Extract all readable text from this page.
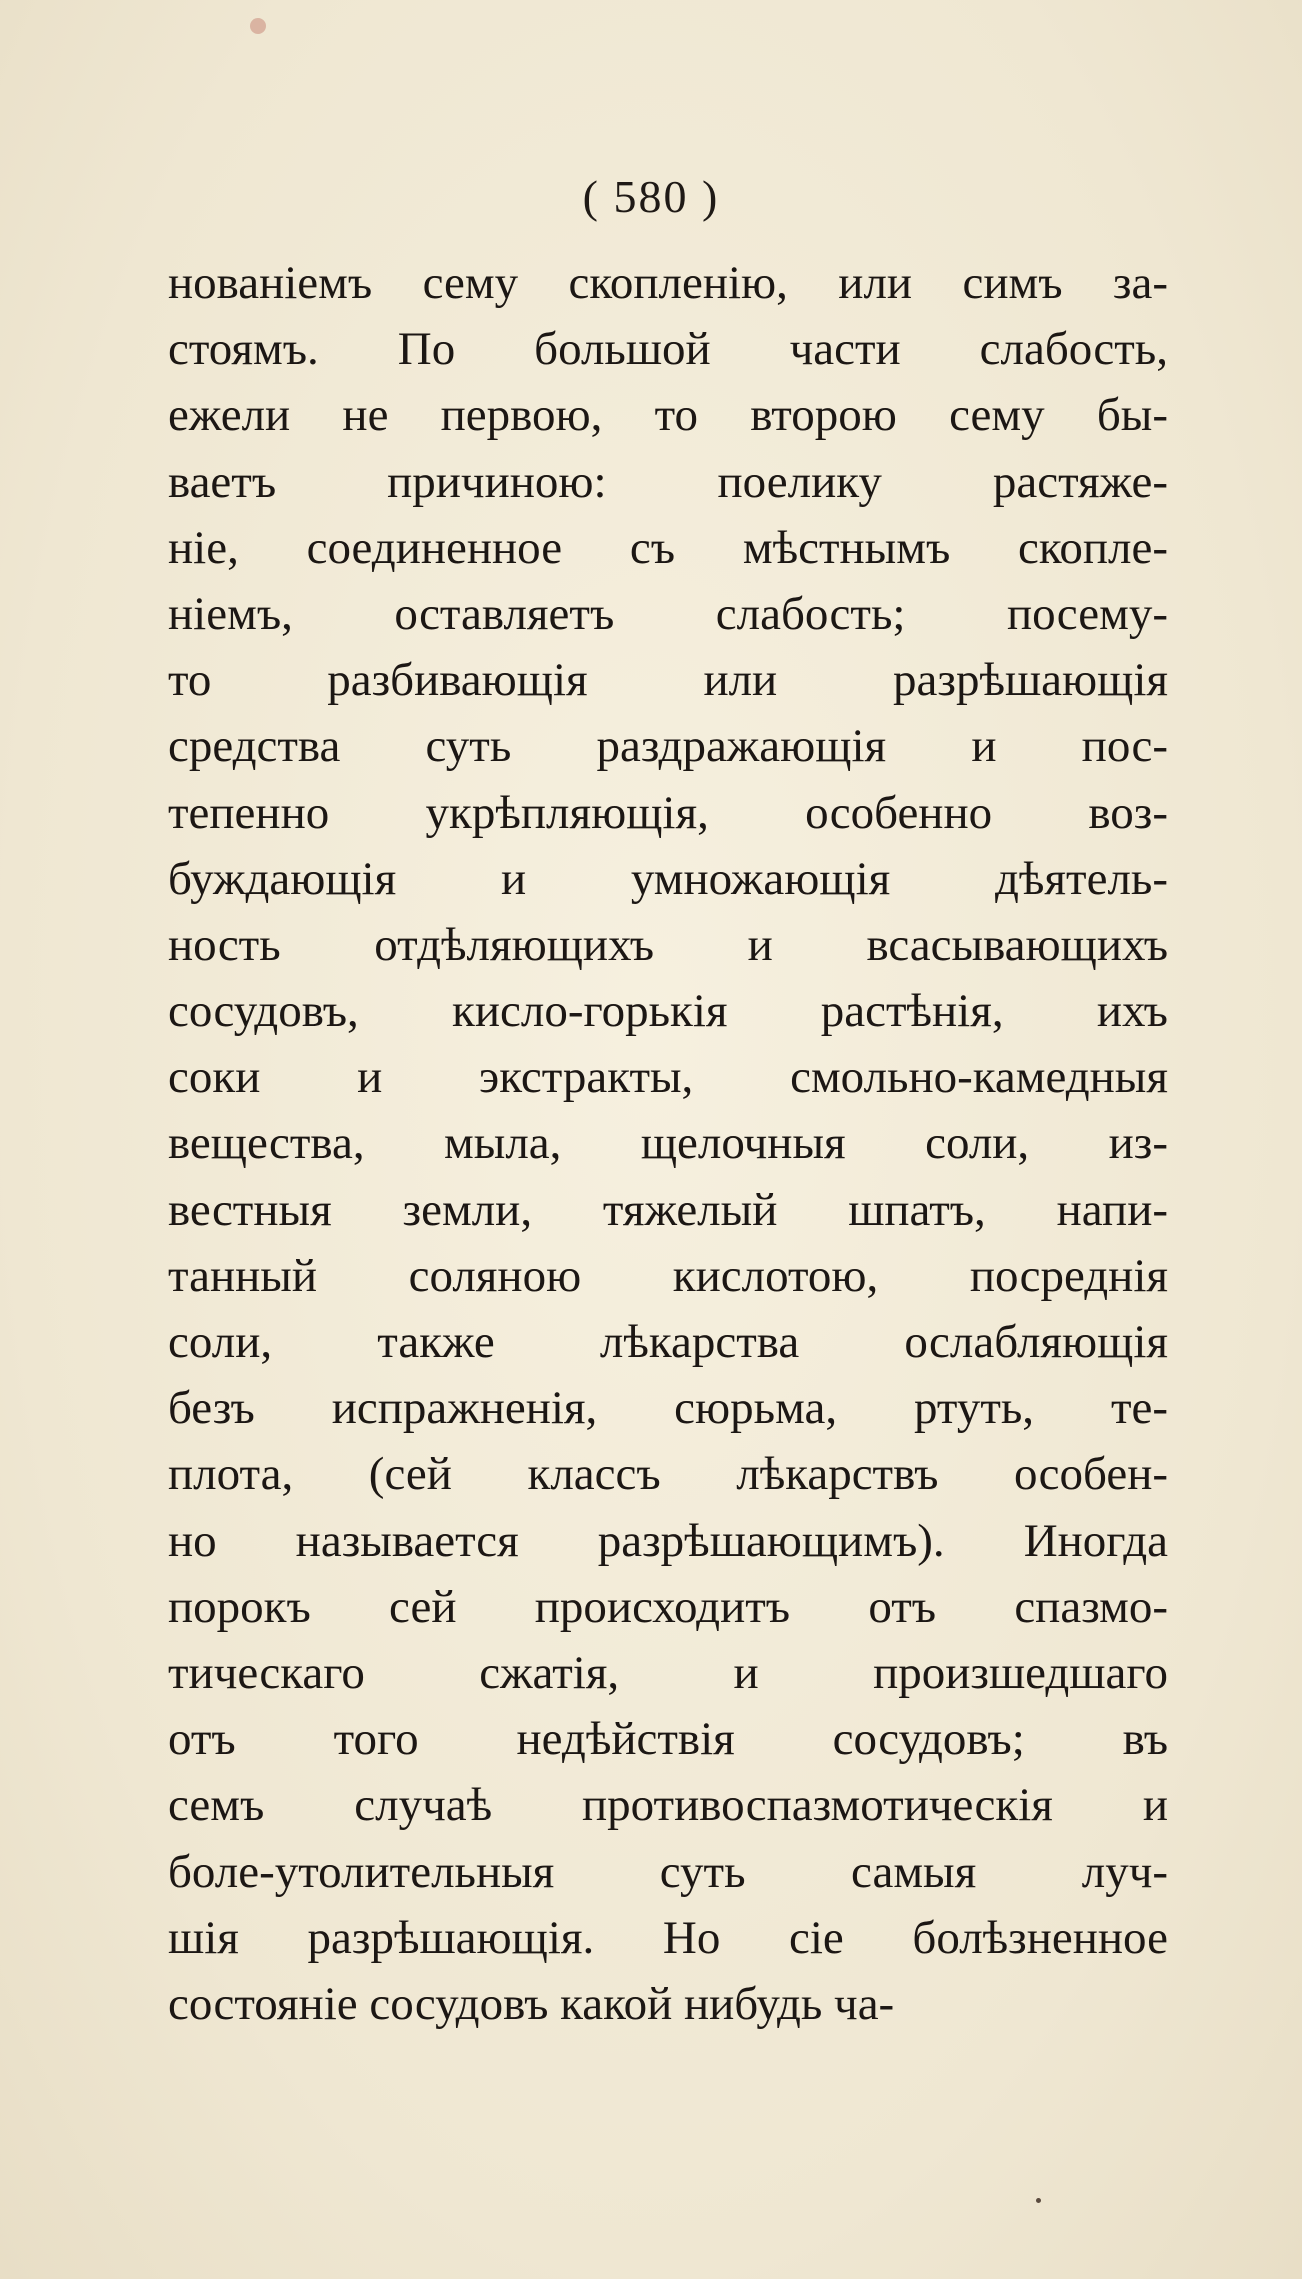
( 580 )
нованіемъ сему скопленію, или симъ за-
стоямъ. По большой части слабость,
ежели не первою, то второю сему бы-
ваетъ причиною: поелику растяже-
ніе, соединенное съ мѣстнымъ скопле-
ніемъ, оставляетъ слабость; посему-
то разбивающія или разрѣшающія
средства суть раздражающія и пос-
тепенно укрѣпляющія, особенно воз-
буждающія и умножающія дѣятель-
ность отдѣляющихъ и всасывающихъ
сосудовъ, кисло-горькія растѣнія, ихъ
соки и экстракты, смольно-камедныя
вещества, мыла, щелочныя соли, из-
вестныя земли, тяжелый шпатъ, напи-
танный соляною кислотою, посреднія
соли, также лѣкарства ослабляющія
безъ испражненія, сюрьма, ртуть, те-
плота, (сей классъ лѣкарствъ особен-
но называется разрѣшающимъ). Иногда
порокъ сей происходитъ отъ спазмо-
тическаго сжатія, и произшедшаго
отъ того недѣйствія сосудовъ; въ
семъ случаѣ противоспазмотическія и
боле-утолительныя суть самыя луч-
шія разрѣшающія. Но сіе болѣзненное
состояніе сосудовъ какой нибудь ча-
